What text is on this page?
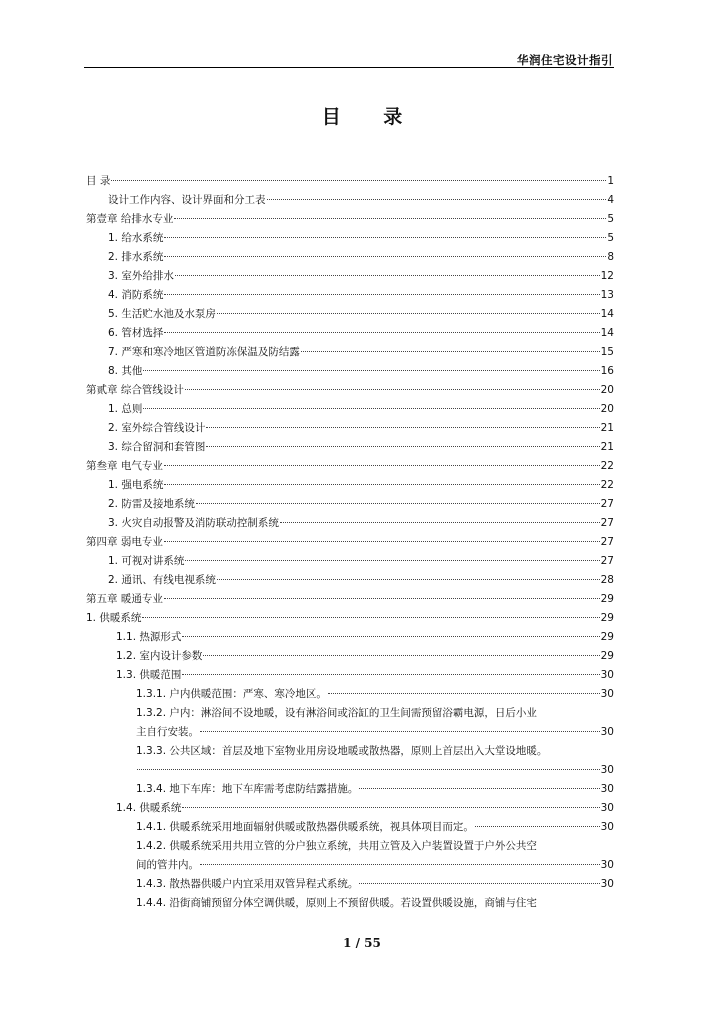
华润住宅设计指引
目 录
目 录	1
设计工作内容、设计界面和分工表	4
第壹章 给排水专业	5
1. 给水系统	5
2. 排水系统	8
3. 室外给排水	12
4. 消防系统	13
5. 生活贮水池及水泵房	14
6. 管材选择	14
7. 严寒和寒冷地区管道防冻保温及防结露	15
8. 其他	16
第贰章 综合管线设计	20
1. 总则	20
2. 室外综合管线设计	21
3. 综合留洞和套管图	21
第叁章 电气专业	22
1. 强电系统	22
2. 防雷及接地系统	27
3. 火灾自动报警及消防联动控制系统	27
第四章 弱电专业	27
1. 可视对讲系统	27
2. 通讯、有线电视系统	28
第五章 暖通专业	29
1. 供暖系统	29
1.1. 热源形式	29
1.2. 室内设计参数	29
1.3. 供暖范围	30
1.3.1. 户内供暖范围：严寒、寒冷地区。	30
1.3.2. 户内：淋浴间不设地暖，设有淋浴间或浴缸的卫生间需预留浴霸电源，日后小业
主自行安装。	30
1.3.3. 公共区域：首层及地下室物业用房设地暖或散热器，原则上首层出入大堂设地暖。
30
1.3.4. 地下车库：地下车库需考虑防结露措施。	30
1.4. 供暖系统	30
1.4.1. 供暖系统采用地面辐射供暖或散热器供暖系统，视具体项目而定。	30
1.4.2. 供暖系统采用共用立管的分户独立系统，共用立管及入户装置设置于户外公共空
间的管井内。	30
1.4.3. 散热器供暖户内宜采用双管异程式系统。	30
1.4.4. 沿街商铺预留分体空调供暖，原则上不预留供暖。若设置供暖设施，商铺与住宅
1 / 55
